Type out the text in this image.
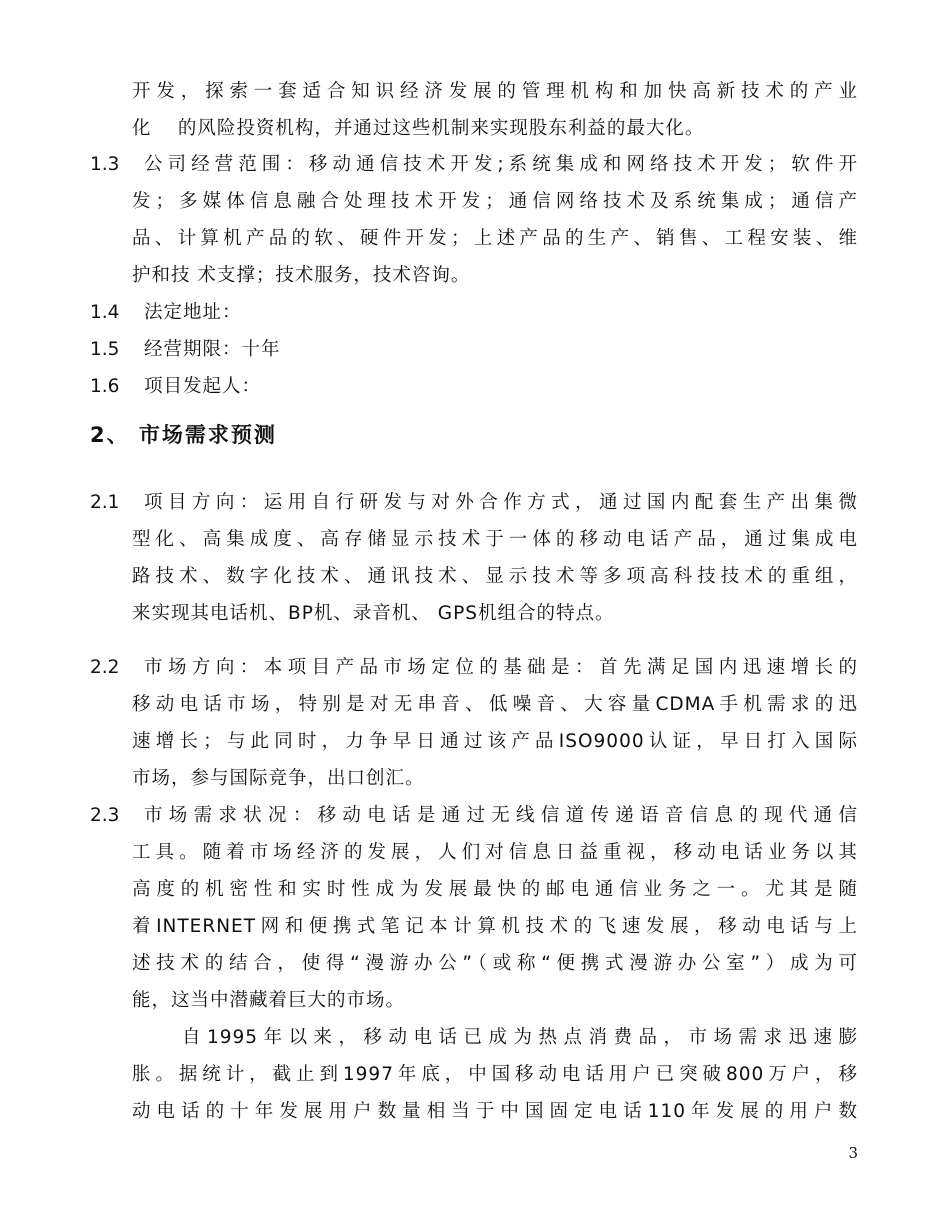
开发，探索一套适合知识经济发展的管理机构和加快高新技术的产业
化　 的风险投资机构，并通过这些机制来实现股东利益的最大化。
1.3 公司经营范围：移动通信技术开发;系统集成和网络技术开发；软件开
发；多媒体信息融合处理技术开发；通信网络技术及系统集成；通信产
品、计算机产品的软、硬件开发；上述产品的生产、销售、工程安装、维
护和技 术支撑；技术服务，技术咨询。
1.4 法定地址：
1.5 经营期限：十年
1.6 项目发起人：
2、 市场需求预测
2.1 项目方向：运用自行研发与对外合作方式，通过国内配套生产出集微
型化、高集成度、高存储显示技术于一体的移动电话产品，通过集成电
路技术、数字化技术、通讯技术、显示技术等多项高科技技术的重组，
来实现其电话机、BP机、录音机、 GPS机组合的特点。
2.2 市场方向：本项目产品市场定位的基础是：首先满足国内迅速增长的
移动电话市场，特别是对无串音、低噪音、大容量CDMA手机需求的迅
速增长；与此同时，力争早日通过该产品ISO9000认证，早日打入国际
市场，参与国际竞争，出口创汇。
2.3 市场需求状况：移动电话是通过无线信道传递语音信息的现代通信
工具。随着市场经济的发展，人们对信息日益重视，移动电话业务以其
高度的机密性和实时性成为发展最快的邮电通信业务之一。尤其是随
着INTERNET网和便携式笔记本计算机技术的飞速发展，移动电话与上
述技术的结合，使得“漫游办公”（或称“便携式漫游办公室”）成为可
能，这当中潜藏着巨大的市场。
　　自1995年以来，移动电话已成为热点消费品，市场需求迅速膨
胀。据统计，截止到1997年底，中国移动电话用户已突破800万户，移
动电话的十年发展用户数量相当于中国固定电话110年发展的用户数
3
